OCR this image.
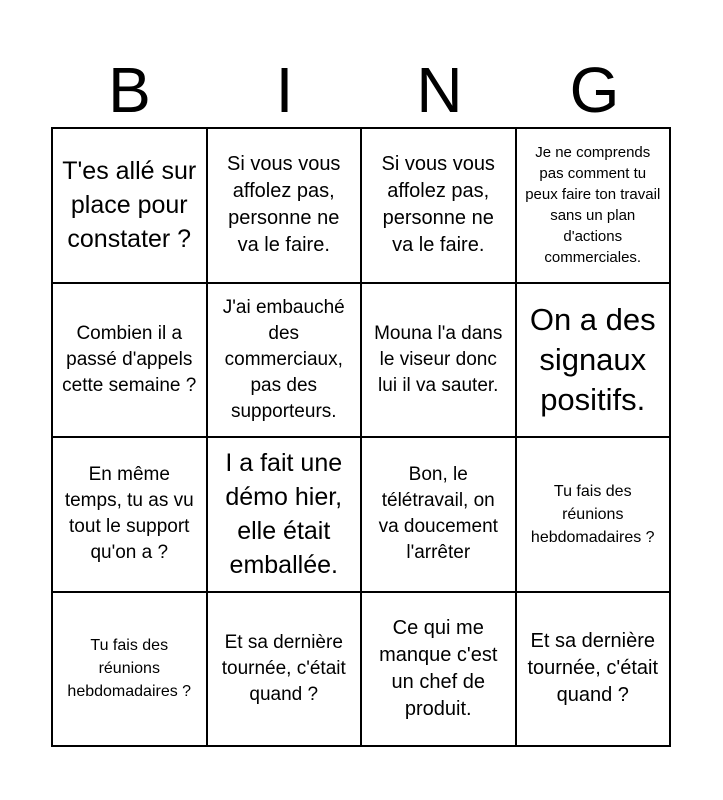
B	I	N	G
T'es allé sur place pour constater ?
Si vous vous affolez pas, personne ne va le faire.
Si vous vous affolez pas, personne ne va le faire.
Je ne comprends pas comment tu peux faire ton travail sans un plan d'actions commerciales.
Combien il a passé d'appels cette semaine ?
J'ai embauché des commerciaux, pas des supporteurs.
Mouna l'a dans le viseur donc lui il va sauter.
On a des signaux positifs.
En même temps, tu as vu tout le support qu'on a ?
I a fait une démo hier, elle était emballée.
Bon, le télétravail, on va doucement l'arrêter
Tu fais des réunions hebdomadaires ?
Tu fais des réunions hebdomadaires ?
Et sa dernière tournée, c'était quand ?
Ce qui me manque c'est un chef de produit.
Et sa dernière tournée, c'était quand ?
